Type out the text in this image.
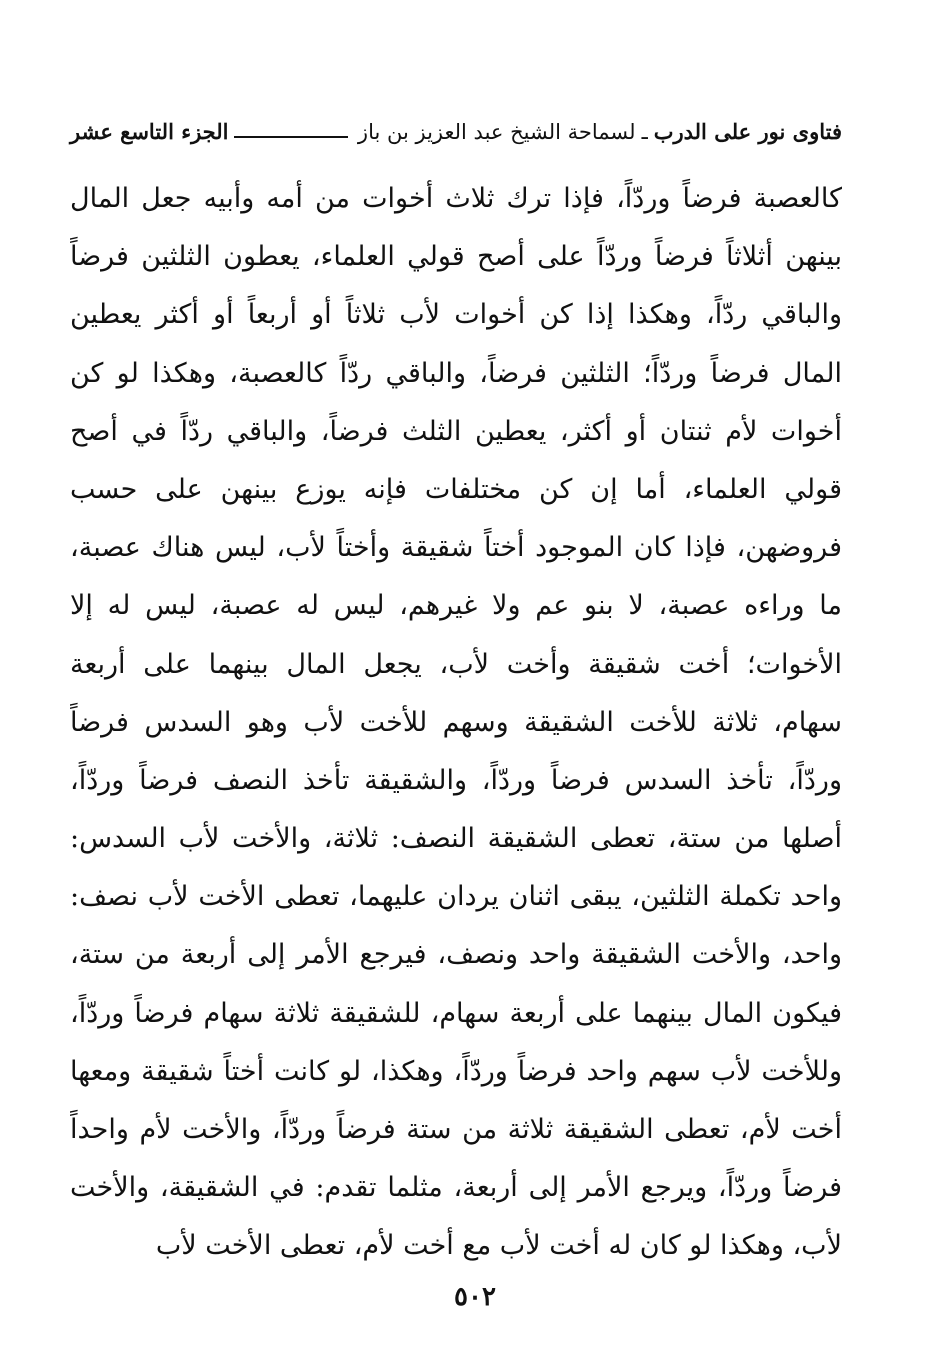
فتاوى نور على الدرب
ـ
لسماحة الشيخ عبد العزيز بن باز
الجزء التاسع عشر
كالعصبة فرضاً وردّاً، فإذا ترك ثلاث أخوات من أمه وأبيه جعل المال
بينهن أثلاثاً فرضاً وردّاً على أصح قولي العلماء، يعطون الثلثين فرضاً
والباقي ردّاً، وهكذا إذا كن أخوات لأب ثلاثاً أو أربعاً أو أكثر يعطين
المال فرضاً وردّاً؛ الثلثين فرضاً، والباقي ردّاً كالعصبة، وهكذا لو كن
أخوات لأم ثنتان أو أكثر، يعطين الثلث فرضاً، والباقي ردّاً في أصح
قولي العلماء، أما إن كن مختلفات فإنه يوزع بينهن على حسب
فروضهن، فإذا كان الموجود أختاً شقيقة وأختاً لأب، ليس هناك عصبة،
ما وراءه عصبة، لا بنو عم ولا غيرهم، ليس له عصبة، ليس له إلا
الأخوات؛ أخت شقيقة وأخت لأب، يجعل المال بينهما على أربعة
سهام، ثلاثة للأخت الشقيقة وسهم للأخت لأب وهو السدس فرضاً
وردّاً، تأخذ السدس فرضاً وردّاً، والشقيقة تأخذ النصف فرضاً وردّاً،
أصلها من ستة، تعطى الشقيقة النصف: ثلاثة، والأخت لأب السدس:
واحد تكملة الثلثين، يبقى اثنان يردان عليهما، تعطى الأخت لأب نصف:
واحد، والأخت الشقيقة واحد ونصف، فيرجع الأمر إلى أربعة من ستة،
فيكون المال بينهما على أربعة سهام، للشقيقة ثلاثة سهام فرضاً وردّاً،
وللأخت لأب سهم واحد فرضاً وردّاً، وهكذا، لو كانت أختاً شقيقة ومعها
أخت لأم، تعطى الشقيقة ثلاثة من ستة فرضاً وردّاً، والأخت لأم واحداً
فرضاً وردّاً، ويرجع الأمر إلى أربعة، مثلما تقدم: في الشقيقة، والأخت
لأب، وهكذا لو كان له أخت لأب مع أخت لأم، تعطى الأخت لأب
٥٠٢
